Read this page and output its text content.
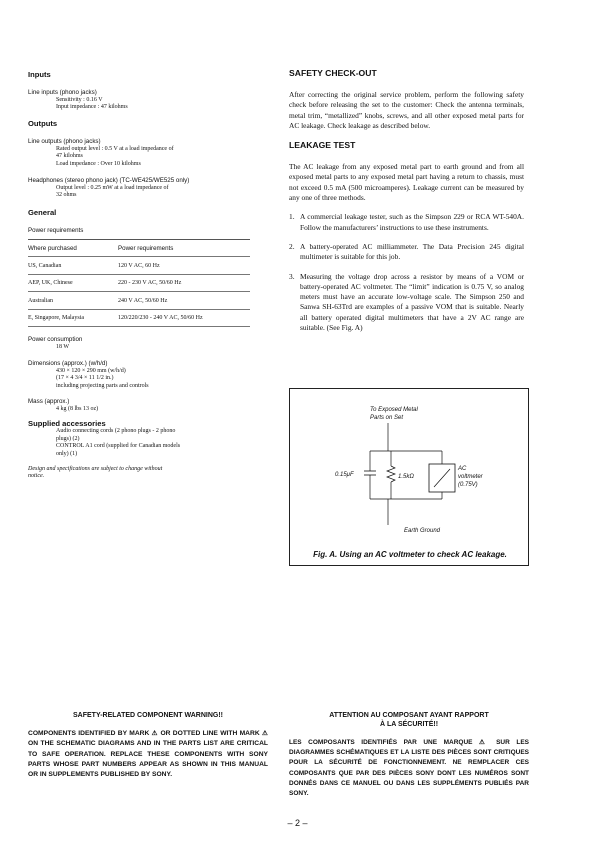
Inputs

Line inputs (phono jacks)

Sensitivity : 0.16 V

Input impedance : 47 kilohms

Outputs

Line outputs (phono jacks)

Rated output level : 0.5 V at a load impedance of

47 kilohms

Load impedance : Over 10 kilohms

Headphones (stereo phono jack) (TC-WE425/WE525 only)

Output level : 0.25 mW at a load impedance of

32 ohms

General

Power requirements

Where purchased	Power requirements
US, Canadian	120 V AC, 60 Hz
AEP, UK, Chinese	220 - 230 V AC, 50/60 Hz
Australian	240 V AC, 50/60 Hz
E, Singapore, Malaysia	120/220/230 - 240 V AC, 50/60 Hz

Power consumption

18 W

Dimensions (approx.) (w/h/d)

430 × 120 × 290 mm (w/h/d)

(17 × 4 3/4 × 11 1/2 in.)

including projecting parts and controls

Mass (approx.)

4 kg (8 lbs 13 oz)

Supplied accessories

Audio connecting cords (2 phono plugs - 2 phono

plugs) (2)

CONTROL A1 cord (supplied for Canadian models

only) (1)

Design and specifications are subject to change without

notice.

SAFETY CHECK-OUT

After correcting the original service problem, perform the following safety check before releasing the set to the customer: Check the antenna terminals, metal trim, “metallized” knobs, screws, and all other exposed metal parts for AC leakage. Check leakage as described below.

LEAKAGE TEST

The AC leakage from any exposed metal part to earth ground and from all exposed metal parts to any exposed metal part having a return to chassis, must not exceed 0.5 mA (500 microamperes). Leakage current can be measured by any one of three methods.

1. A commercial leakage tester, such as the Simpson 229 or RCA WT-540A. Follow the manufacturers’ instructions to use these instruments.

2. A battery-operated AC milliammeter. The Data Precision 245 digital multimeter is suitable for this job.

3. Measuring the voltage drop across a resistor by means of a VOM or battery-operated AC voltmeter. The “limit” indication is 0.75 V, so analog meters must have an accurate low-voltage scale. The Simpson 250 and Sanwa SH-63Trd are examples of a passive VOM that is suitable. Nearly all battery operated digital multimeters that have a 2V AC range are suitable. (See Fig. A)

To Exposed Metal
Parts on Set
0.15μF	1.5kΩ
AC
voltmeter
(0.75V)
Earth Ground
Fig. A. Using an AC voltmeter to check AC leakage.

SAFETY-RELATED COMPONENT WARNING!!

COMPONENTS IDENTIFIED BY MARK ⚠ OR DOTTED LINE WITH MARK ⚠ ON THE SCHEMATIC DIAGRAMS AND IN THE PARTS LIST ARE CRITICAL TO SAFE OPERATION. REPLACE THESE COMPONENTS WITH SONY PARTS WHOSE PART NUMBERS APPEAR AS SHOWN IN THIS MANUAL OR IN SUPPLEMENTS PUBLISHED BY SONY.

ATTENTION AU COMPOSANT AYANT RAPPORT

À LA SÉCURITÉ!!

LES COMPOSANTS IDENTIFIÉS PAR UNE MARQUE ⚠ SUR LES DIAGRAMMES SCHÉMATIQUES ET LA LISTE DES PIÈCES SONT CRITIQUES POUR LA SÉCURITÉ DE FONCTIONNEMENT. NE REMPLACER CES COMPOSANTS QUE PAR DES PIÈCES SONY DONT LES NUMÉROS SONT DONNÉS DANS CE MANUEL OU DANS LES SUPPLÉMENTS PUBLIÉS PAR SONY.

– 2 –
